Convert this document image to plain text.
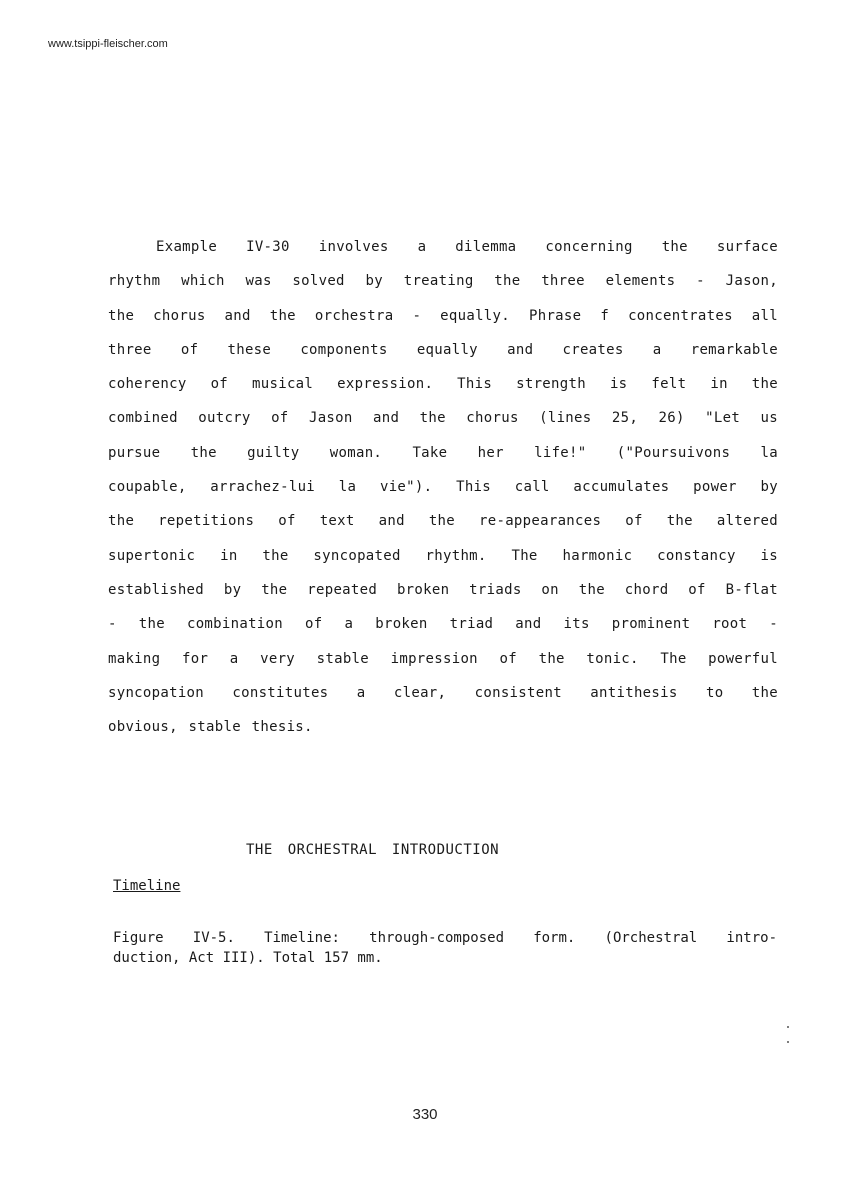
www.tsippi-fleischer.com
Example IV-30 involves a dilemma concerning the surface
rhythm which was solved by treating the three elements - Jason,
the chorus and the orchestra - equally. Phrase f concentrates all
three of these components equally and creates a remarkable
coherency of musical expression. This strength is felt in the
combined outcry of Jason and the chorus (lines 25, 26) "Let us
pursue the guilty woman. Take her life!" ("Poursuivons la
coupable, arrachez-lui la vie"). This call accumulates power by
the repetitions of text and the re-appearances of the altered
supertonic in the syncopated rhythm. The harmonic constancy is
established by the repeated broken triads on the chord of B-flat
- the combination of a broken triad and its prominent root -
making for a very stable impression of the tonic. The powerful
syncopation constitutes a clear, consistent antithesis to the
obvious, stable thesis.
THE ORCHESTRAL INTRODUCTION
Timeline
Figure IV-5. Timeline: through-composed form. (Orchestral intro-
duction, Act III). Total 157 mm.
330
